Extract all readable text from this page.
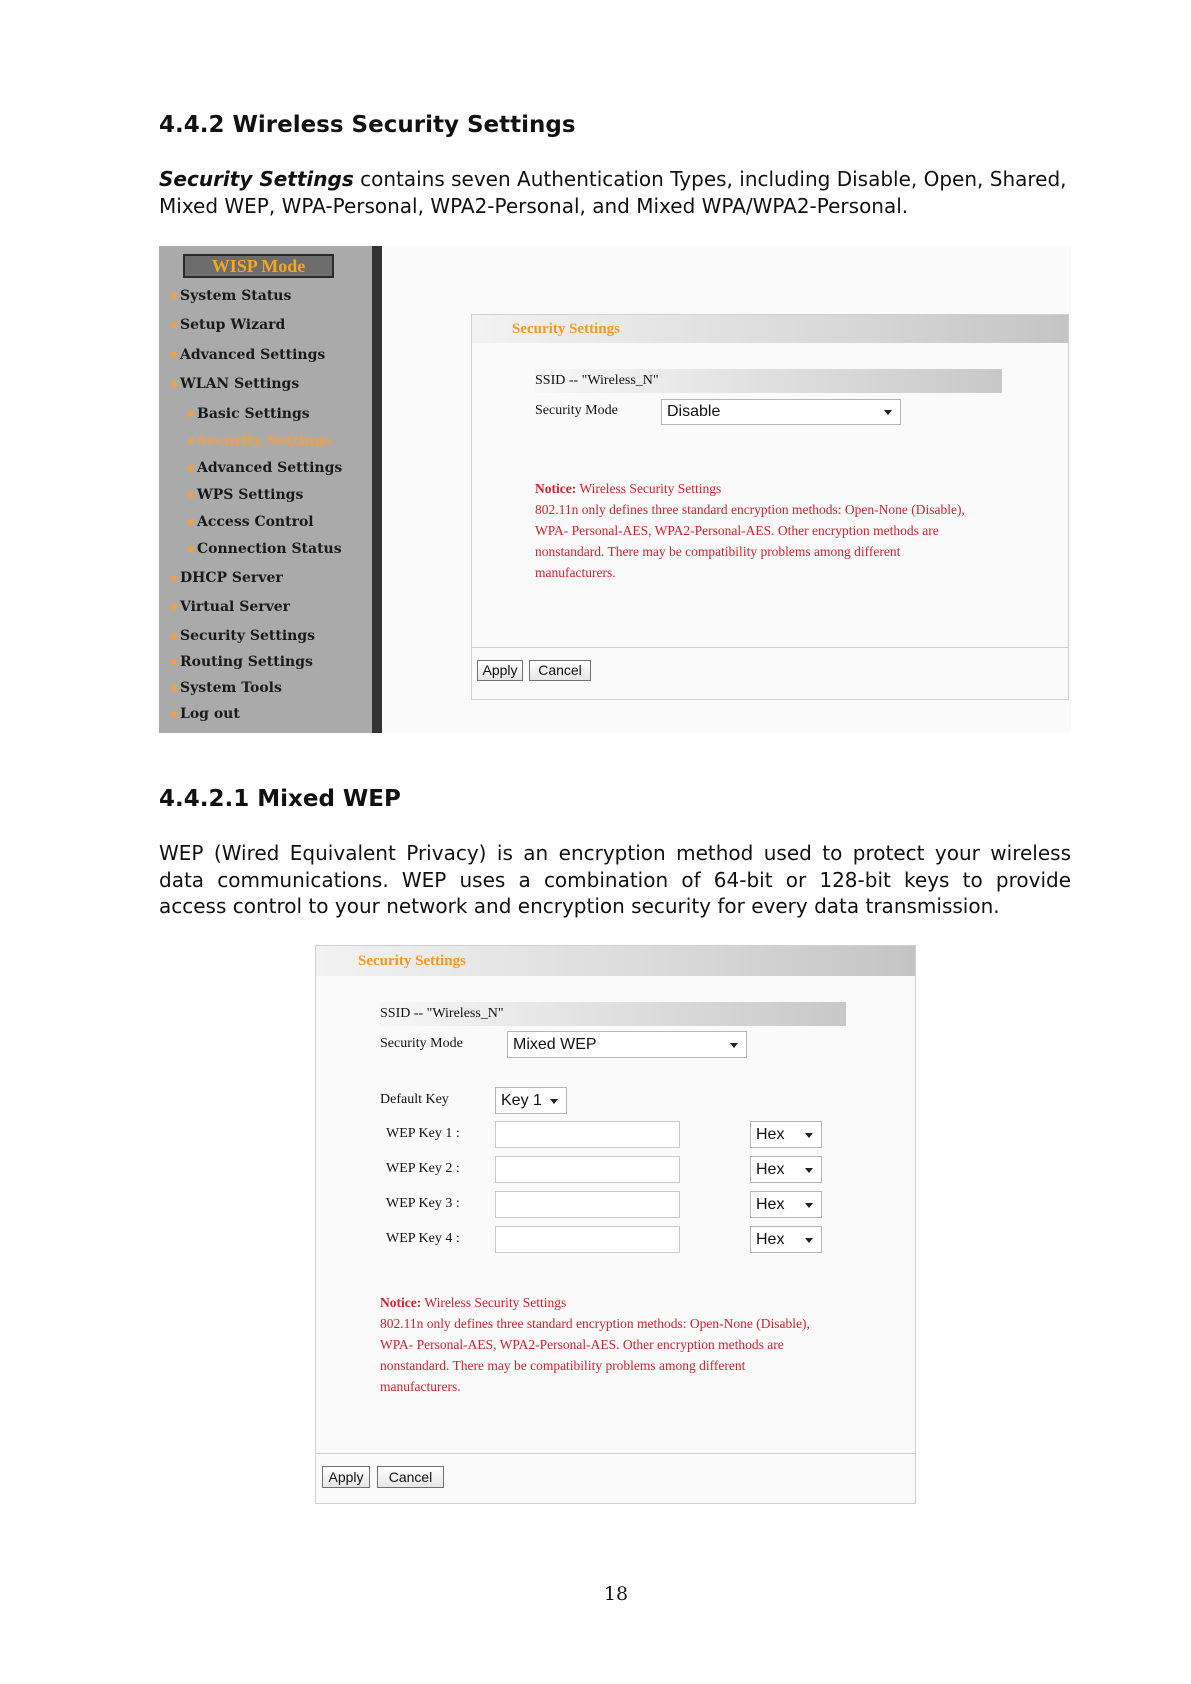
4.4.2 Wireless Security Settings

Security Settings contains seven Authentication Types, including Disable, Open, Shared, Mixed WEP, WPA-Personal, WPA2-Personal, and Mixed WPA/WPA2-Personal.

WISP Mode
System Status
Setup Wizard
Advanced Settings
WLAN Settings
Basic Settings
Security Settings
Advanced Settings
WPS Settings
Access Control
Connection Status
DHCP Server
Virtual Server
Security Settings
Routing Settings
System Tools
Log out
Security Settings
SSID -- "Wireless_N"
Security Mode	Disable
Notice: Wireless Security Settings
802.11n only defines three standard encryption methods: Open-None (Disable),
WPA- Personal-AES, WPA2-Personal-AES. Other encryption methods are
nonstandard. There may be compatibility problems among different
manufacturers.
Apply	Cancel
4.4.2.1 Mixed WEP

WEP (Wired Equivalent Privacy) is an encryption method used to protect your wireless
data communications. WEP uses a combination of 64-bit or 128-bit keys to provide
access control to your network and encryption security for every data transmission.

Security Settings
SSID -- "Wireless_N"
Security Mode	Mixed WEP
Default Key	Key 1
WEP Key 1 :	Hex
WEP Key 2 :	Hex
WEP Key 3 :	Hex
WEP Key 4 :	Hex
Notice: Wireless Security Settings
802.11n only defines three standard encryption methods: Open-None (Disable),
WPA- Personal-AES, WPA2-Personal-AES. Other encryption methods are
nonstandard. There may be compatibility problems among different
manufacturers.
Apply	Cancel
18
